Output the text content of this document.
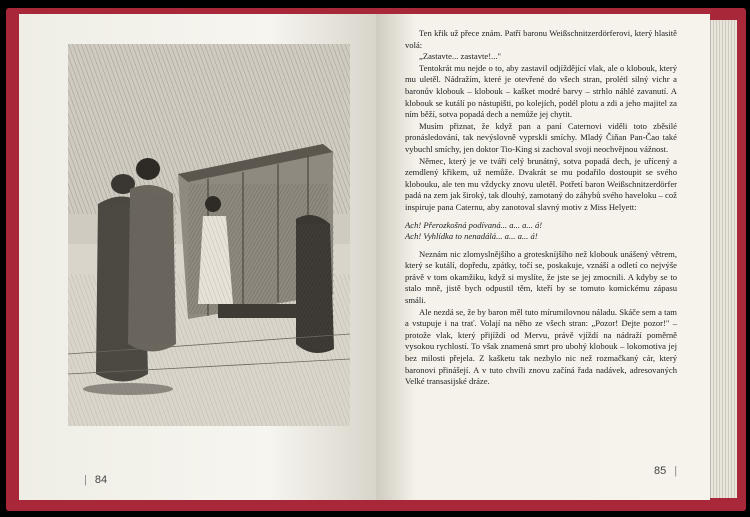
| 84

Ten křik už přece znám. Patří baronu Weißschnitzerdörferovi, který hlasitě volá:

„Zastavte... zastavte!..."

Tentokrát mu nejde o to, aby zastavil odjíždějící vlak, ale o klobouk, který mu uletěl. Nádražím, které je otevřené do všech stran, prolétl silný vichr a baronův klobouk – klobouk – kašket modré barvy – strhlo náhlé zavanutí. A klobouk se kutálí po nástupišti, po kolejích, podél plotu a zdi a jeho majitel za ním běží, sotva popadá dech a nemůže jej chytit.

Musím přiznat, že když pan a paní Caternovi viděli toto zběsilé pronásledování, tak nevýslovně vyprskli smíchy. Mladý Čiňan Pan-Čao také vybuchl smíchy, jen doktor Tio-King si zachoval svoji neochvějnou vážnost.

Němec, který je ve tváři celý brunátný, sotva popadá dech, je uřícený a zemdlený křikem, už nemůže. Dvakrát se mu podařilo dostoupit se svého klobouku, ale ten mu vždycky znovu uletěl. Potřetí baron Weißschnitzerdörfer padá na zem jak široký, tak dlouhý, zamotaný do záhybů svého haveloku – což inspiruje pana Caternu, aby zanotoval slavný motiv z Miss Helyett:

Ach! Přerozkošná podívaná... a... a... á!
Ach! Vyhlídka to nenadálá... a... a... á!

Neznám nic zlomyslnějšího a groteskníjšího než klobouk unášený větrem, který se kutálí, dopředu, zpátky, točí se, poskakuje, vznáší a odletí co nejvýše právě v tom okamžiku, když si myslíte, že jste se jej zmocnili. A kdyby se to stalo mně, jistě bych odpustil těm, kteří by se tomuto komickému zápasu smáli.

Ale nezdá se, že by baron měl tuto mírumilovnou náladu. Skáče sem a tam a vstupuje i na trať. Volají na něho ze všech stran: „Pozor! Dejte pozor!" – protože vlak, který přijíždí od Mervu, právě vjíždí na nádraží poměrně vysokou rychlostí. To však znamená smrt pro ubohý klobouk – lokomotiva jej bez milosti přejela. Z kašketu tak nezbylo nic než rozmačkaný cár, který baronovi přinášejí. A v tuto chvíli znovu začíná řada nadávek, adresovaných Velké transasijské dráze.

85 |
